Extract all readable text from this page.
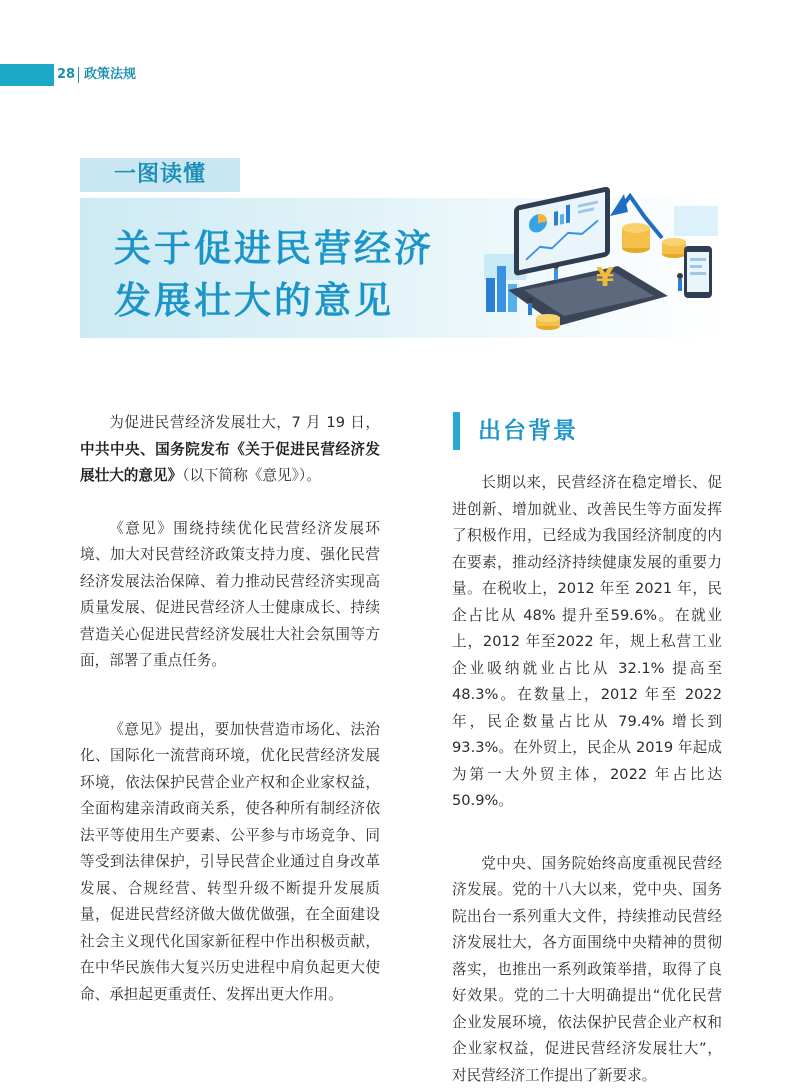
28 政策法规
一图读懂
关于促进民营经济
发展壮大的意见
¥

为促进民营经济发展壮大，7 月 19 日，中共中央、国务院发布《关于促进民营经济发展壮大的意见》（以下简称《意见》）。

《意见》围绕持续优化民营经济发展环境、加大对民营经济政策支持力度、强化民营经济发展法治保障、着力推动民营经济实现高质量发展、促进民营经济人士健康成长、持续营造关心促进民营经济发展壮大社会氛围等方面，部署了重点任务。

《意见》提出，要加快营造市场化、法治化、国际化一流营商环境，优化民营经济发展环境，依法保护民营企业产权和企业家权益，全面构建亲清政商关系，使各种所有制经济依法平等使用生产要素、公平参与市场竞争、同等受到法律保护，引导民营企业通过自身改革发展、合规经营、转型升级不断提升发展质量，促进民营经济做大做优做强，在全面建设社会主义现代化国家新征程中作出积极贡献，在中华民族伟大复兴历史进程中肩负起更大使命、承担起更重责任、发挥出更大作用。

出台背景

长期以来，民营经济在稳定增长、促进创新、增加就业、改善民生等方面发挥了积极作用，已经成为我国经济制度的内在要素，推动经济持续健康发展的重要力量。在税收上，2012 年至 2021 年，民企占比从 48% 提升至59.6%。在就业上，2012 年至2022 年，规上私营工业企业吸纳就业占比从 32.1% 提高至 48.3%。在数量上，2012 年至 2022 年，民企数量占比从 79.4% 增长到 93.3%。在外贸上，民企从 2019 年起成为第一大外贸主体，2022 年占比达 50.9%。

党中央、国务院始终高度重视民营经济发展。党的十八大以来，党中央、国务院出台一系列重大文件，持续推动民营经济发展壮大，各方面围绕中央精神的贯彻落实，也推出一系列政策举措，取得了良好效果。党的二十大明确提出“优化民营企业发展环境，依法保护民营企业产权和企业家权益，促进民营经济发展壮大”，对民营经济工作提出了新要求。
